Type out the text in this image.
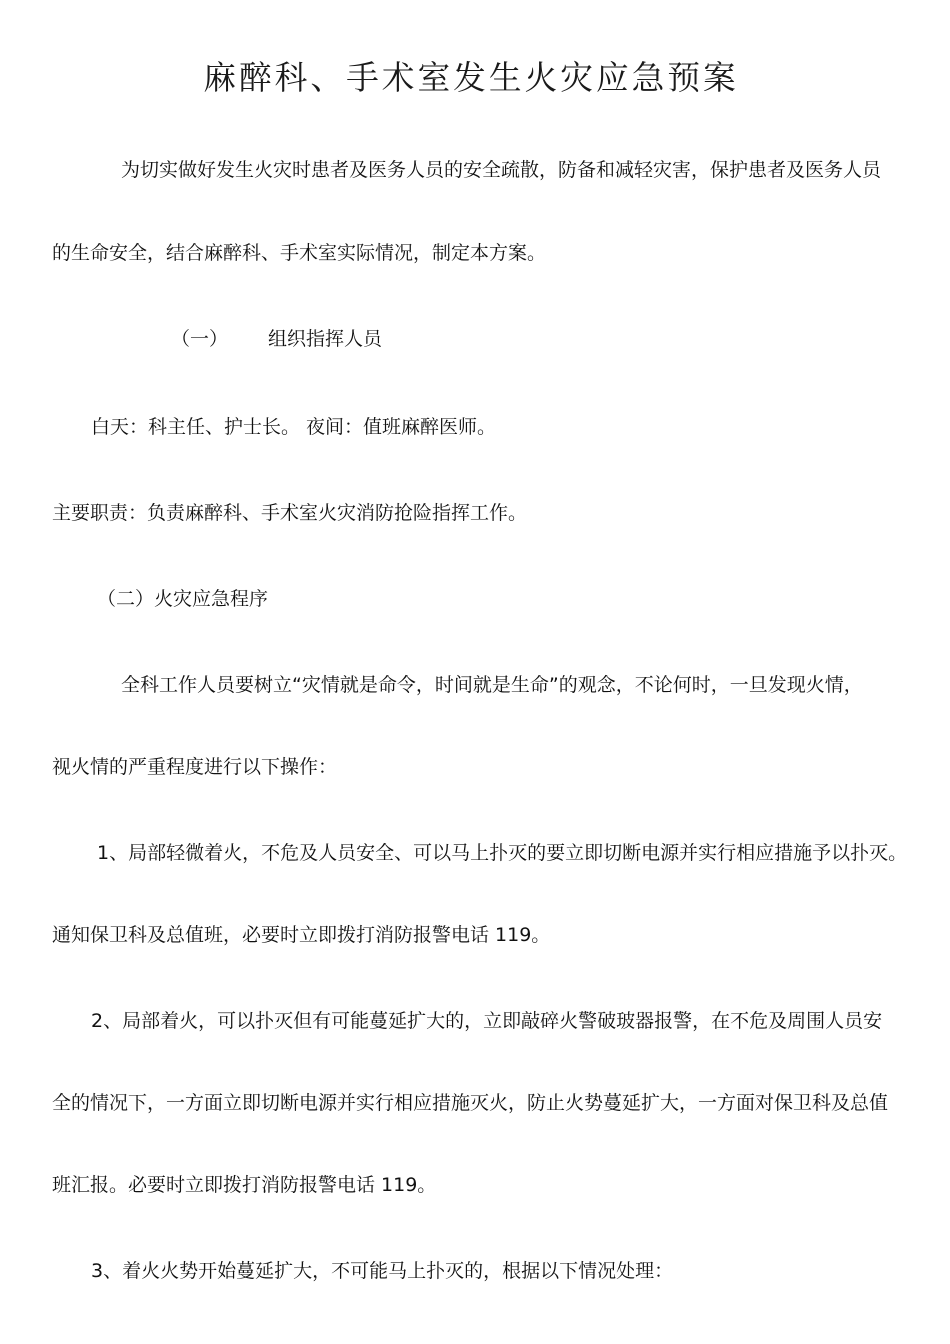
麻醉科、手术室发生火灾应急预案
为切实做好发生火灾时患者及医务人员的安全疏散，防备和减轻灾害，保护患者及医务人员
的生命安全，结合麻醉科、手术室实际情况，制定本方案。
（一） 组织指挥人员
白天：科主任、护士长。 夜间：值班麻醉医师。
主要职责：负责麻醉科、手术室火灾消防抢险指挥工作。
（二）火灾应急程序
全科工作人员要树立“灾情就是命令，时间就是生命”的观念，不论何时，一旦发现火情，
视火情的严重程度进行以下操作：
1、局部轻微着火，不危及人员安全、可以马上扑灭的要立即切断电源并实行相应措施予以扑灭。
通知保卫科及总值班，必要时立即拨打消防报警电话 119。
2、局部着火，可以扑灭但有可能蔓延扩大的，立即敲碎火警破玻器报警，在不危及周围人员安
全的情况下，一方面立即切断电源并实行相应措施灭火，防止火势蔓延扩大，一方面对保卫科及总值
班汇报。必要时立即拨打消防报警电话 119。
3、着火火势开始蔓延扩大，不可能马上扑灭的，根据以下情况处理：
